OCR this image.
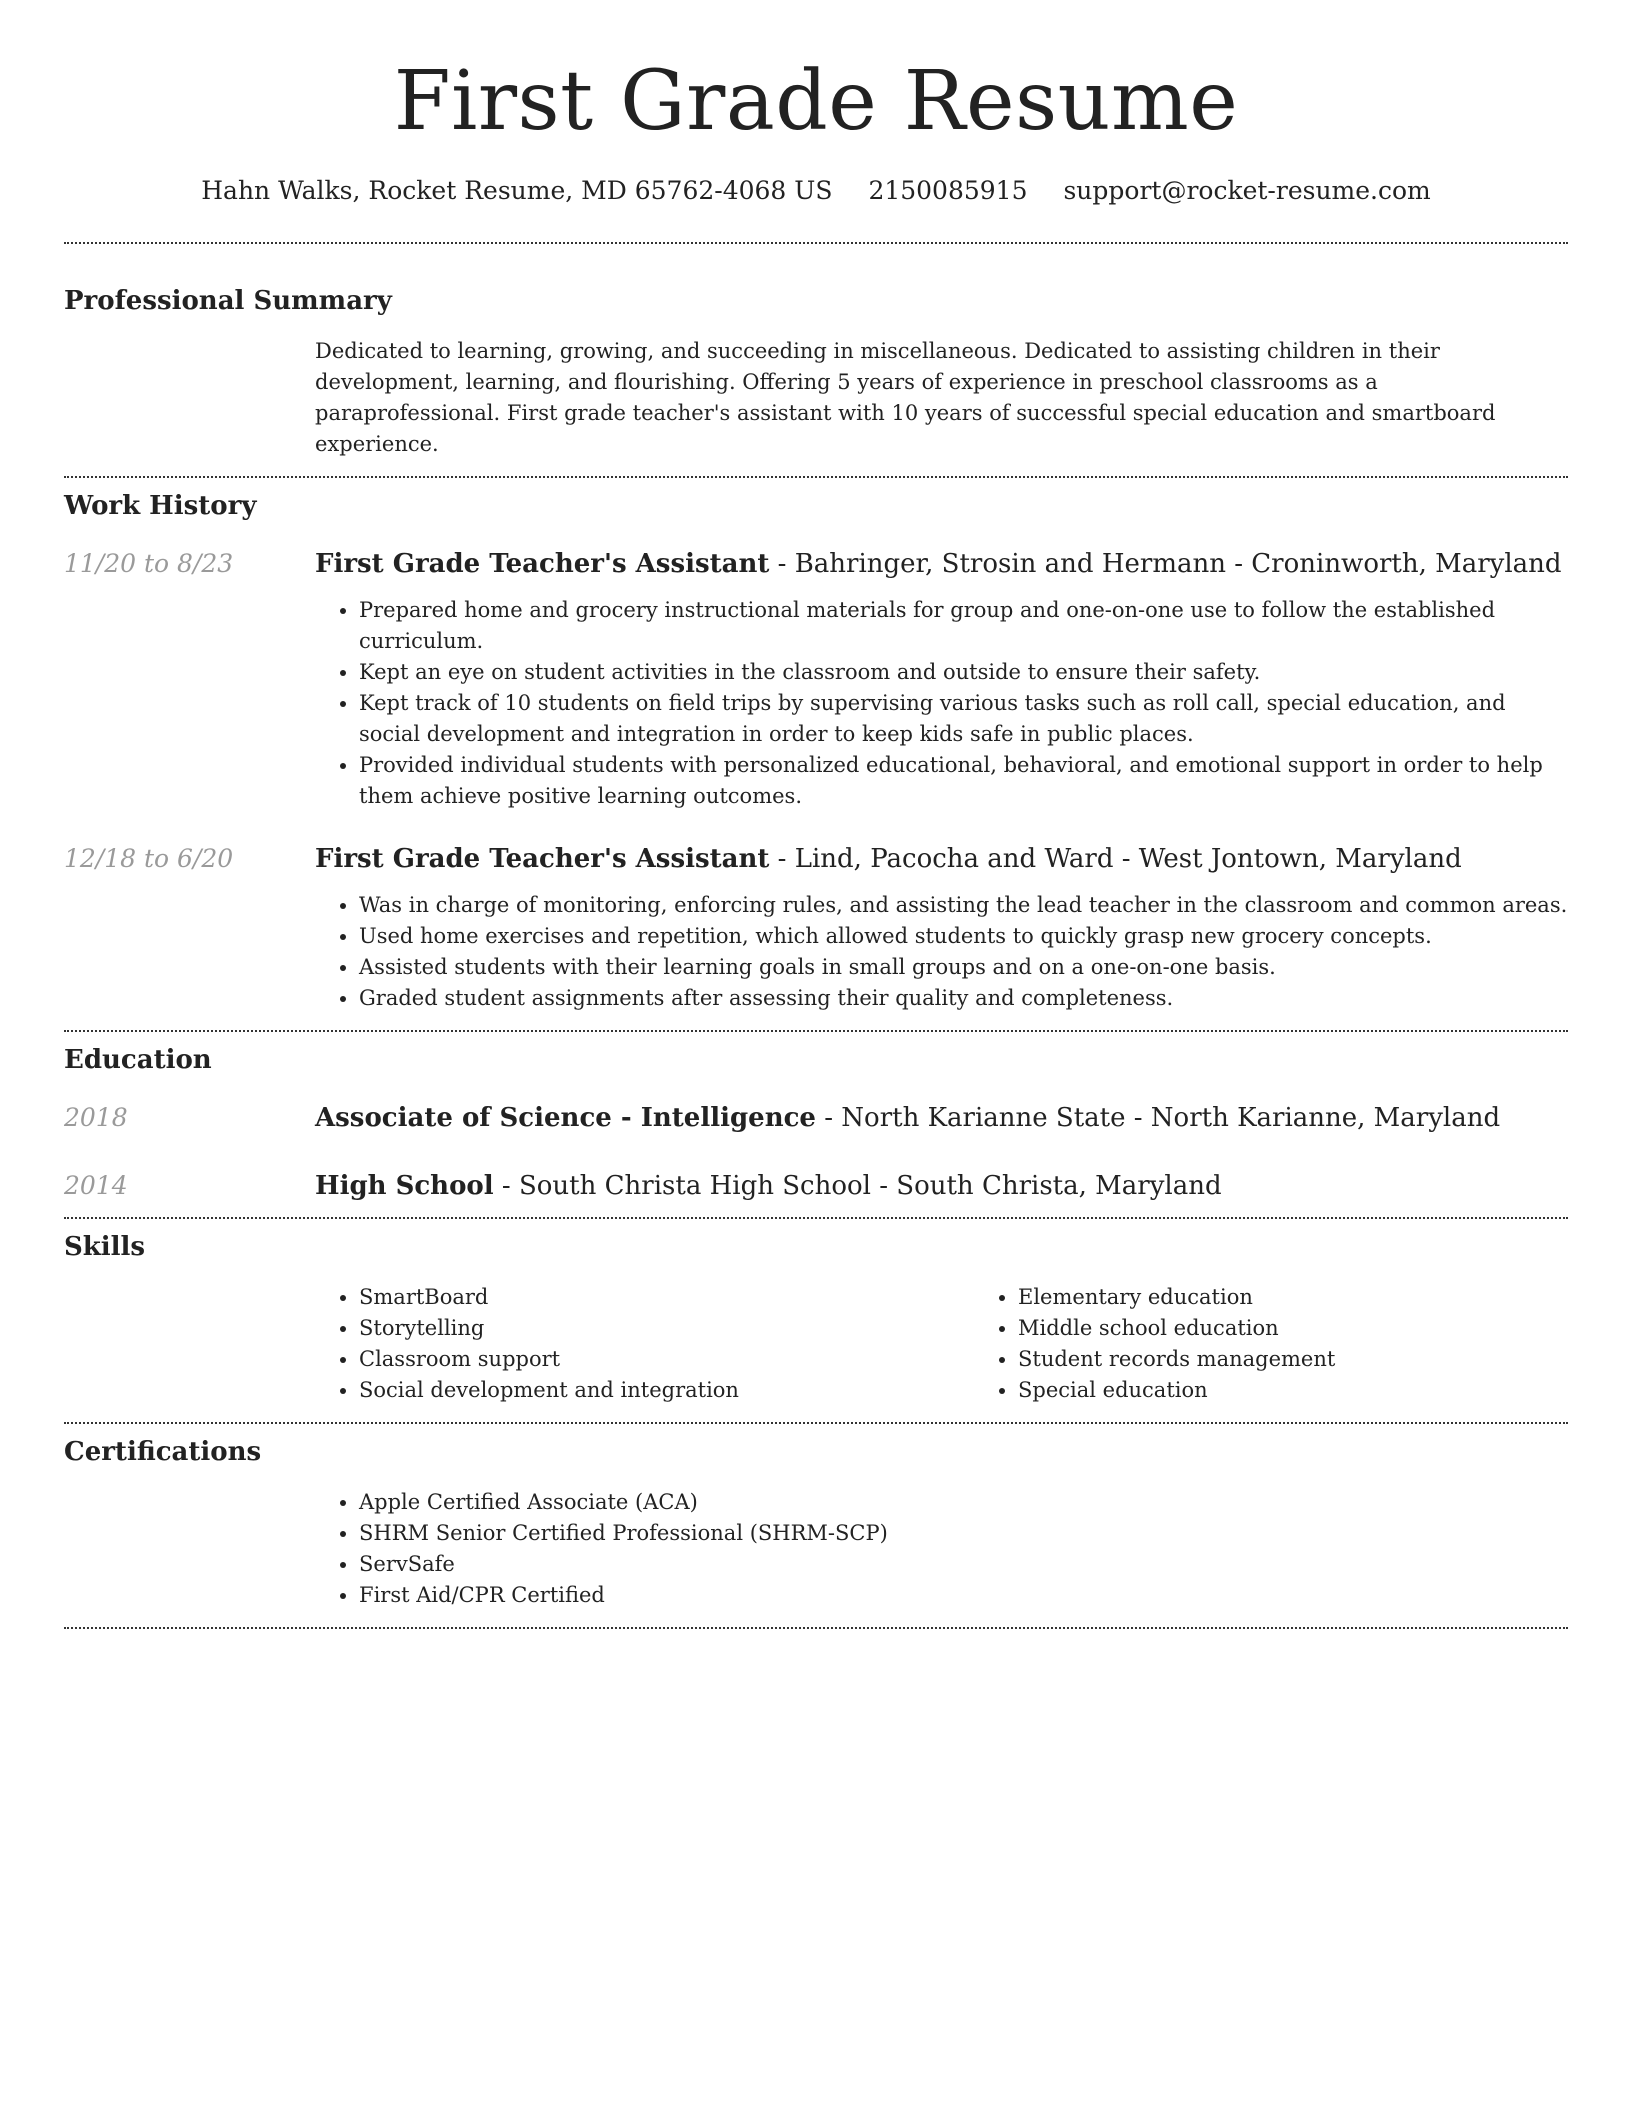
First Grade Resume
Hahn Walks, Rocket Resume, MD 65762-4068 US 2150085915 support@rocket-resume.com
Professional Summary

Dedicated to learning, growing, and succeeding in miscellaneous. Dedicated to assisting children in their development, learning, and flourishing. Offering 5 years of experience in preschool classrooms as a paraprofessional. First grade teacher's assistant with 10 years of successful special education and smartboard experience.

Work History
11/20 to 8/23	First Grade Teacher's Assistant - Bahringer, Strosin and Hermann - Croninworth, Maryland

• Prepared home and grocery instructional materials for group and one-on-one use to follow the established curriculum.
• Kept an eye on student activities in the classroom and outside to ensure their safety.
• Kept track of 10 students on field trips by supervising various tasks such as roll call, special education, and social development and integration in order to keep kids safe in public places.
• Provided individual students with personalized educational, behavioral, and emotional support in order to help them achieve positive learning outcomes.
12/18 to 6/20	First Grade Teacher's Assistant - Lind, Pacocha and Ward - West Jontown, Maryland

• Was in charge of monitoring, enforcing rules, and assisting the lead teacher in the classroom and common areas.
• Used home exercises and repetition, which allowed students to quickly grasp new grocery concepts.
• Assisted students with their learning goals in small groups and on a one-on-one basis.
• Graded student assignments after assessing their quality and completeness.
Education
2018	Associate of Science - Intelligence - North Karianne State - North Karianne, Maryland

2014	High School - South Christa High School - South Christa, Maryland

Skills
• SmartBoard
• Storytelling
• Classroom support
• Social development and integration
• Elementary education
• Middle school education
• Student records management
• Special education
Certifications
• Apple Certified Associate (ACA)
• SHRM Senior Certified Professional (SHRM-SCP)
• ServSafe
• First Aid/CPR Certified
